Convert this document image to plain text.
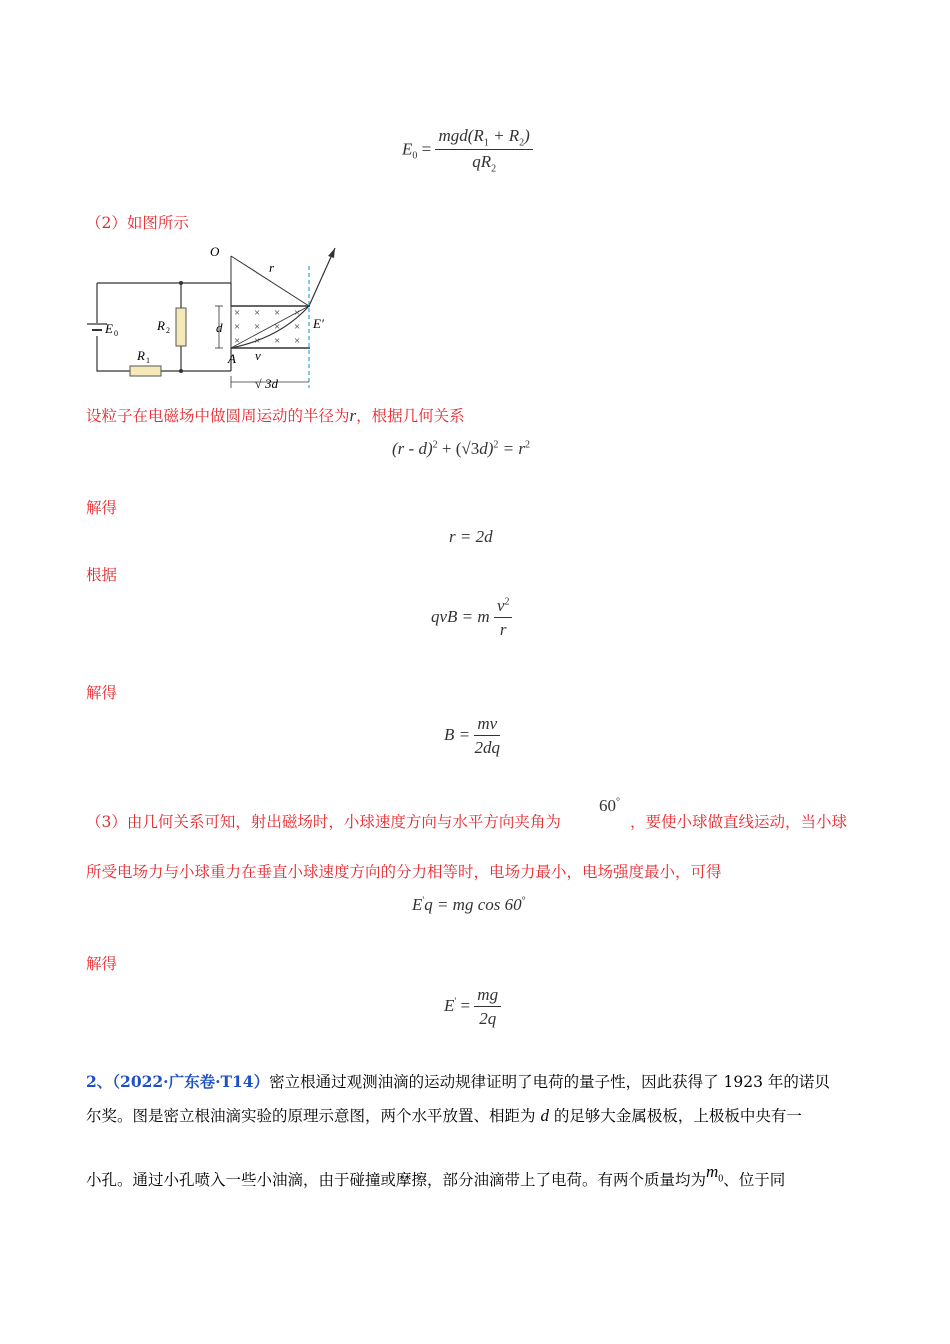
$E_0 = \frac{mgd(R_1 + R_2)}{qR_2}$
（2）如图所示
× × × ×
× × × ×
× × × ×
O
r
E 0
R 2
R 1
d
A v
E′
√ 3d
设粒子在电磁场中做圆周运动的半径为r，根据几何关系
$(r - d)^2 + (√3d)^2 = r^2$
解得
r = 2d
根据
qvB = m $\frac{v^2}{r}$
解得
$B = \frac{mv}{2dq}$
（3）由几何关系可知，射出磁场时，小球速度方向与水平方向夹角为
60°
，要使小球做直线运动，当小球
所受电场力与小球重力在垂直小球速度方向的分力相等时，电场力最小，电场强度最小，可得
E'q = mg cos 60°
解得
$E' = \frac{mg}{2q}$
2、（2022·广东卷·T14）密立根通过观测油滴的运动规律证明了电荷的量子性，因此获得了 1923 年的诺贝
尔奖。图是密立根油滴实验的原理示意图，两个水平放置、相距为 d 的足够大金属极板，上极板中央有一
小孔。通过小孔喷入一些小油滴，由于碰撞或摩擦，部分油滴带上了电荷。有两个质量均为$m_0$、位于同
